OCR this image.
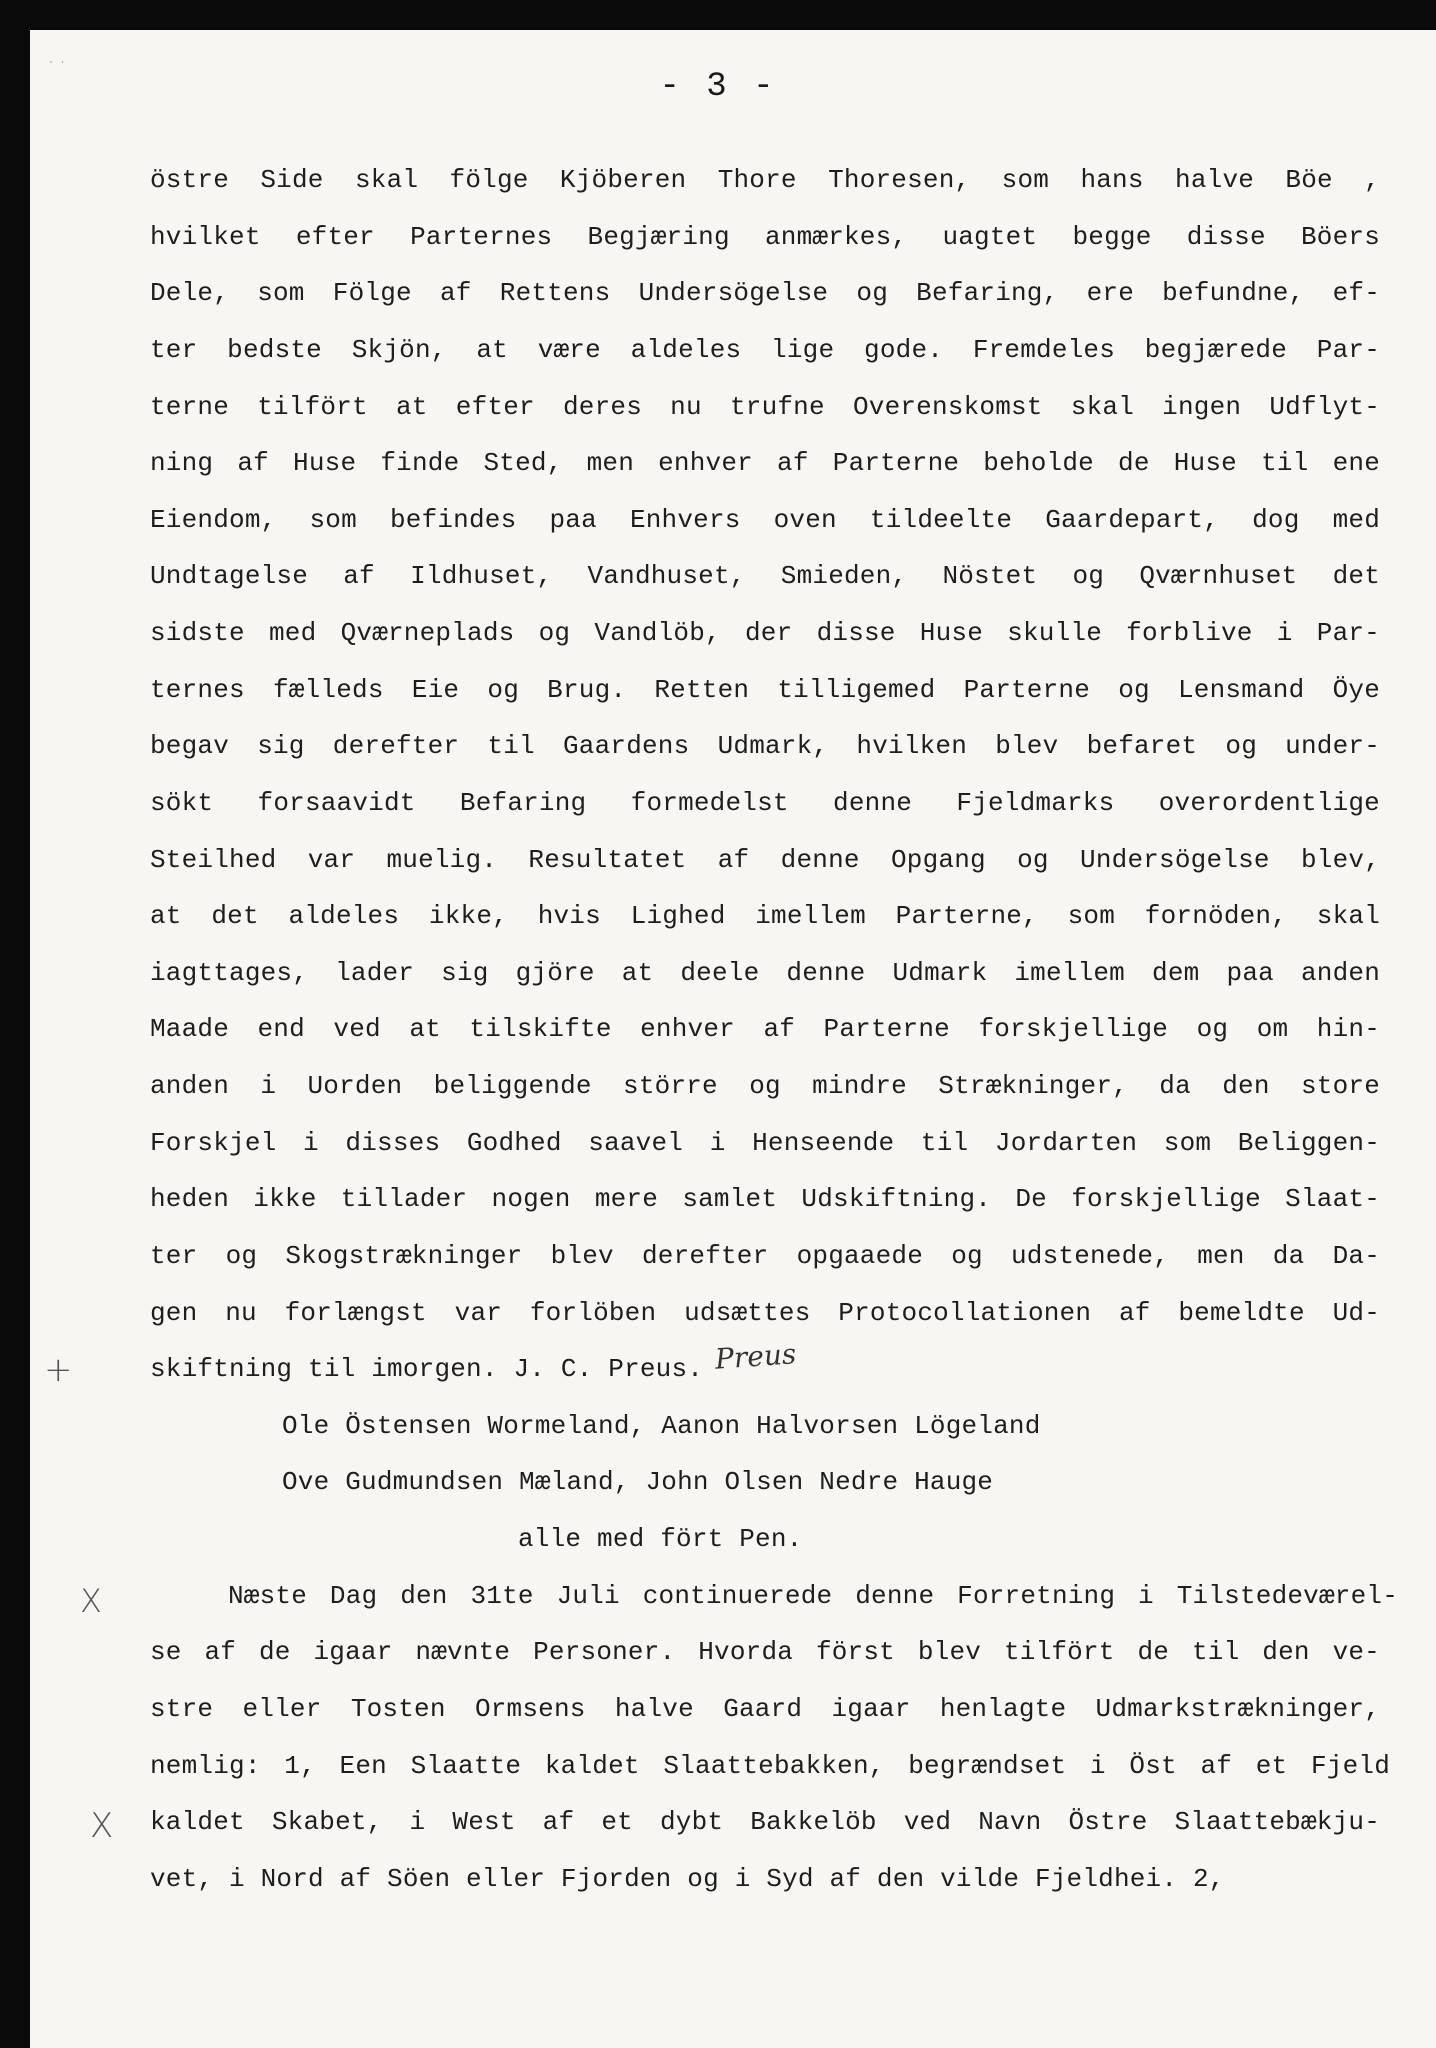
· ·
- 3 -
+
X
X
östre Side skal fölge Kjöberen Thore Thoresen, som hans halve Böe ,
hvilket efter Parternes Begjæring anmærkes, uagtet begge disse Böers
Dele, som Fölge af Rettens Undersögelse og Befaring, ere befundne, ef-
ter bedste Skjön, at være aldeles lige gode. Fremdeles begjærede Par-
terne tilfört at efter deres nu trufne Overenskomst skal ingen Udflyt-
ning af Huse finde Sted, men enhver af Parterne beholde de Huse til ene
Eiendom, som befindes paa Enhvers oven tildeelte Gaardepart, dog med
Undtagelse af Ildhuset, Vandhuset, Smieden, Nöstet og Qværnhuset det
sidste med Qværneplads og Vandlöb, der disse Huse skulle forblive i Par-
ternes fælleds Eie og Brug. Retten tilligemed Parterne og Lensmand Öye
begav sig derefter til Gaardens Udmark, hvilken blev befaret og under-
sökt forsaavidt Befaring formedelst denne Fjeldmarks overordentlige
Steilhed var muelig. Resultatet af denne Opgang og Undersögelse blev,
at det aldeles ikke, hvis Lighed imellem Parterne, som fornöden, skal
iagttages, lader sig gjöre at deele denne Udmark imellem dem paa anden
Maade end ved at tilskifte enhver af Parterne forskjellige og om hin-
anden i Uorden beliggende större og mindre Strækninger, da den store
Forskjel i disses Godhed saavel i Henseende til Jordarten som Beliggen-
heden ikke tillader nogen mere samlet Udskiftning. De forskjellige Slaat-
ter og Skogstrækninger blev derefter opgaaede og udstenede, men da Da-
gen nu forlængst var forlöben udsættes Protocollationen af bemeldte Ud-
skiftning til imorgen. J. C. Preus.
Ole Östensen Wormeland, Aanon Halvorsen Lögeland
Ove Gudmundsen Mæland, John Olsen Nedre Hauge
alle med fört Pen.
Næste Dag den 31te Juli continuerede denne Forretning i Tilstedeværel-
se af de igaar nævnte Personer. Hvorda först blev tilfört de til den ve-
stre eller Tosten Ormsens halve Gaard igaar henlagte Udmarkstrækninger,
nemlig: 1, Een Slaatte kaldet Slaattebakken, begrændset i Öst af et Fjeld
kaldet Skabet, i West af et dybt Bakkelöb ved Navn Östre Slaattebækju-
vet, i Nord af Söen eller Fjorden og i Syd af den vilde Fjeldhei. 2,
Preus
